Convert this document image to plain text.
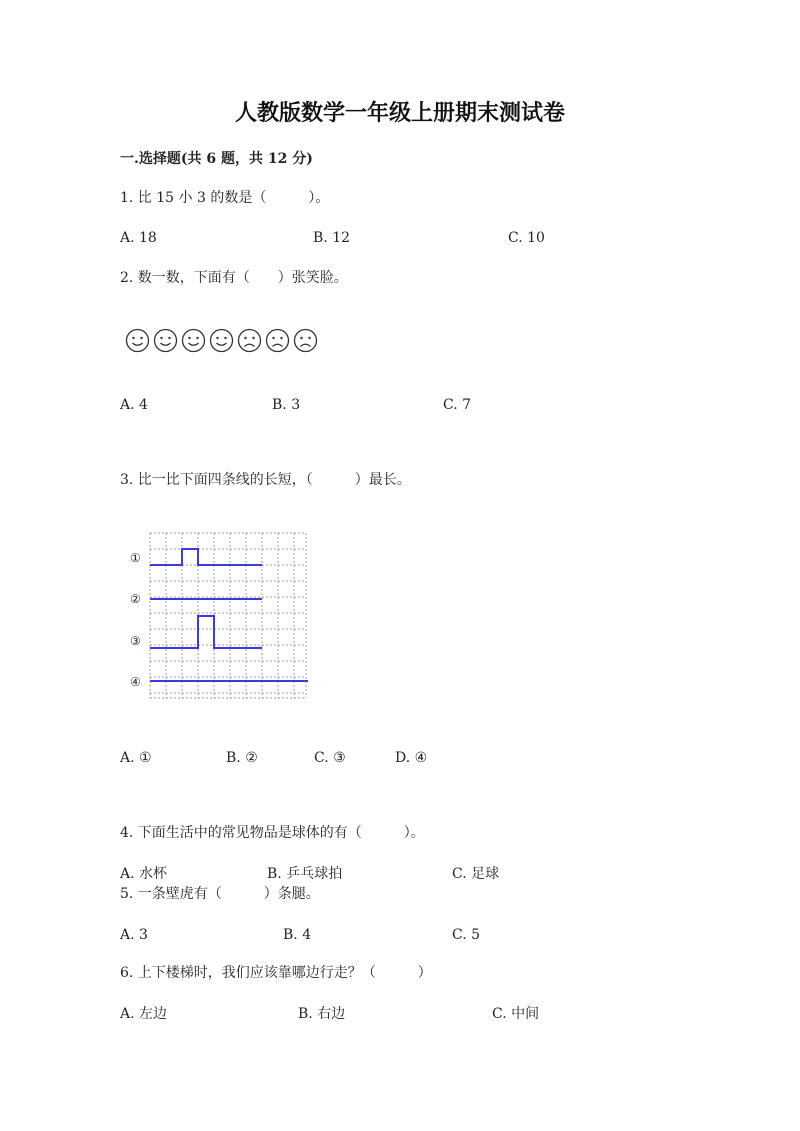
人教版数学一年级上册期末测试卷
一.选择题(共 6 题，共 12 分)
1. 比 15 小 3 的数是（　　　）。
A. 18	B. 12	C. 10
2. 数一数，下面有（　　）张笑脸。
A. 4	B. 3	C. 7
3. 比一比下面四条线的长短，（　　　）最长。
①
②
③
④
A. ①	B. ②	C. ③	D. ④
4. 下面生活中的常见物品是球体的有（　　　）。
A. 水杯	B. 乒乓球拍	C. 足球
5. 一条壁虎有（　　　）条腿。
A. 3	B. 4	C. 5
6. 上下楼梯时，我们应该靠哪边行走？（　　　）
A. 左边	B. 右边	C. 中间
